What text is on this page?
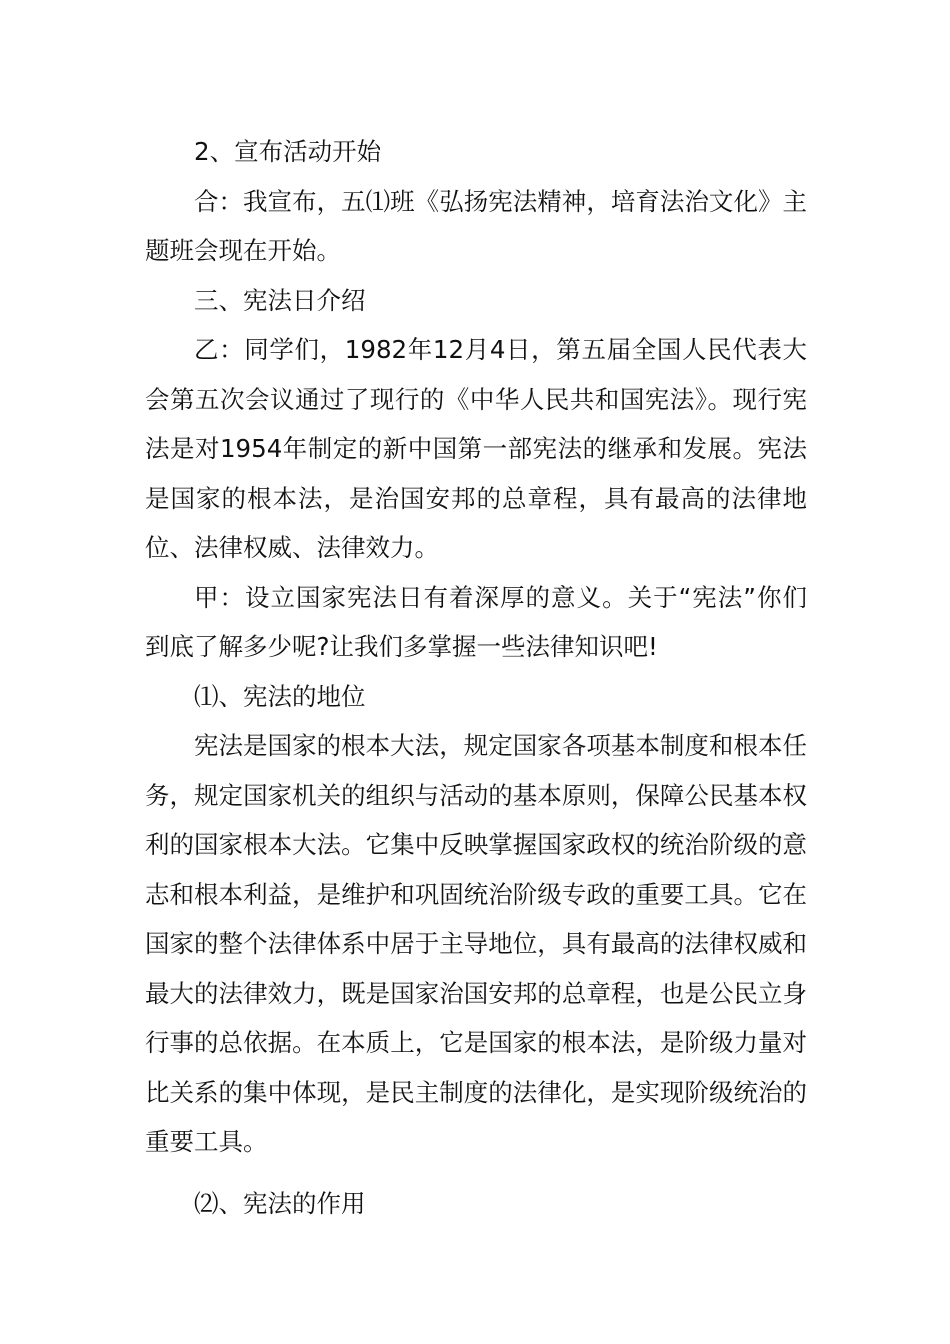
2、宣布活动开始

合：我宣布，五⑴班《弘扬宪法精神，培育法治文化》主题班会现在开始。

三、宪法日介绍

乙：同学们，1982年12月4日，第五届全国人民代表大会第五次会议通过了现行的《中华人民共和国宪法》。现行宪法是对1954年制定的新中国第一部宪法的继承和发展。宪法是国家的根本法，是治国安邦的总章程，具有最高的法律地位、法律权威、法律效力。

甲：设立国家宪法日有着深厚的意义。关于“宪法”你们到底了解多少呢?让我们多掌握一些法律知识吧!

⑴、宪法的地位

宪法是国家的根本大法，规定国家各项基本制度和根本任务，规定国家机关的组织与活动的基本原则，保障公民基本权利的国家根本大法。它集中反映掌握国家政权的统治阶级的意志和根本利益，是维护和巩固统治阶级专政的重要工具。它在国家的整个法律体系中居于主导地位，具有最高的法律权威和最大的法律效力，既是国家治国安邦的总章程，也是公民立身行事的总依据。在本质上，它是国家的根本法，是阶级力量对比关系的集中体现，是民主制度的法律化，是实现阶级统治的重要工具。

⑵、宪法的作用
